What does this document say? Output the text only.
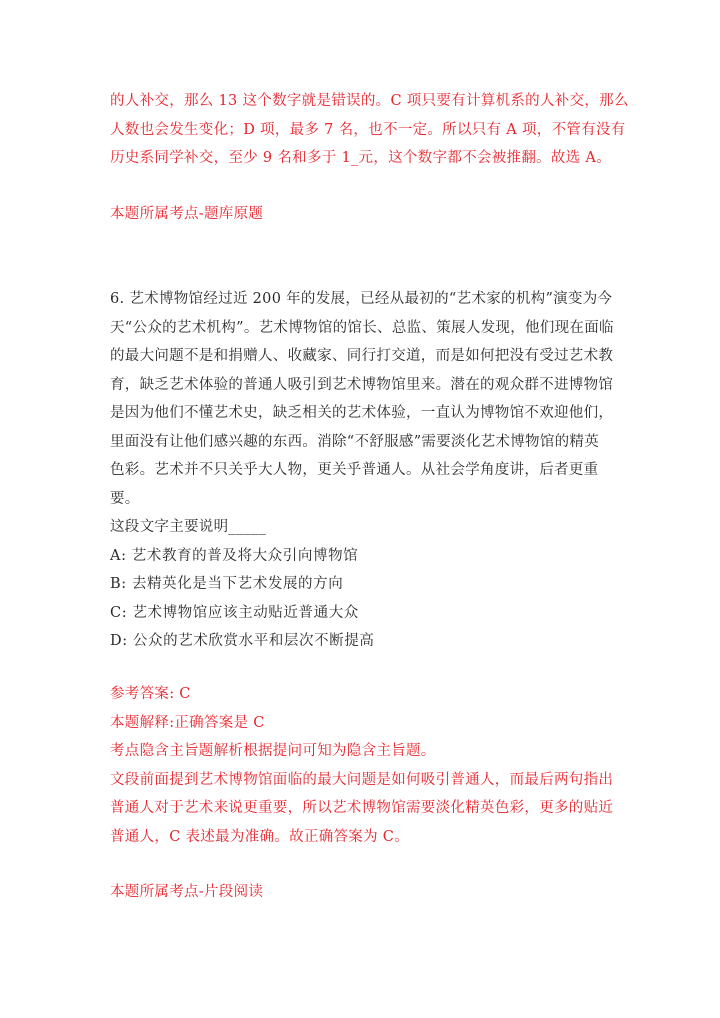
的人补交，那么 13 这个数字就是错误的。C 项只要有计算机系的人补交，那么
人数也会发生变化；D 项，最多 7 名，也不一定。所以只有 A 项，不管有没有
历史系同学补交，至少 9 名和多于 1_元，这个数字都不会被推翻。故选 A。
本题所属考点-题库原题
6. 艺术博物馆经过近 200 年的发展，已经从最初的“艺术家的机构”演变为今
天“公众的艺术机构”。艺术博物馆的馆长、总监、策展人发现，他们现在面临
的最大问题不是和捐赠人、收藏家、同行打交道，而是如何把没有受过艺术教
育，缺乏艺术体验的普通人吸引到艺术博物馆里来。潜在的观众群不进博物馆
是因为他们不懂艺术史，缺乏相关的艺术体验，一直认为博物馆不欢迎他们，
里面没有让他们感兴趣的东西。消除“不舒服感”需要淡化艺术博物馆的精英
色彩。艺术并不只关乎大人物，更关乎普通人。从社会学角度讲，后者更重
要。
这段文字主要说明_____
A: 艺术教育的普及将大众引向博物馆
B: 去精英化是当下艺术发展的方向
C: 艺术博物馆应该主动贴近普通大众
D: 公众的艺术欣赏水平和层次不断提高
参考答案: C
本题解释:正确答案是 C
考点隐含主旨题解析根据提问可知为隐含主旨题。
文段前面提到艺术博物馆面临的最大问题是如何吸引普通人，而最后两句指出
普通人对于艺术来说更重要，所以艺术博物馆需要淡化精英色彩，更多的贴近
普通人，C 表述最为准确。故正确答案为 C。
本题所属考点-片段阅读
